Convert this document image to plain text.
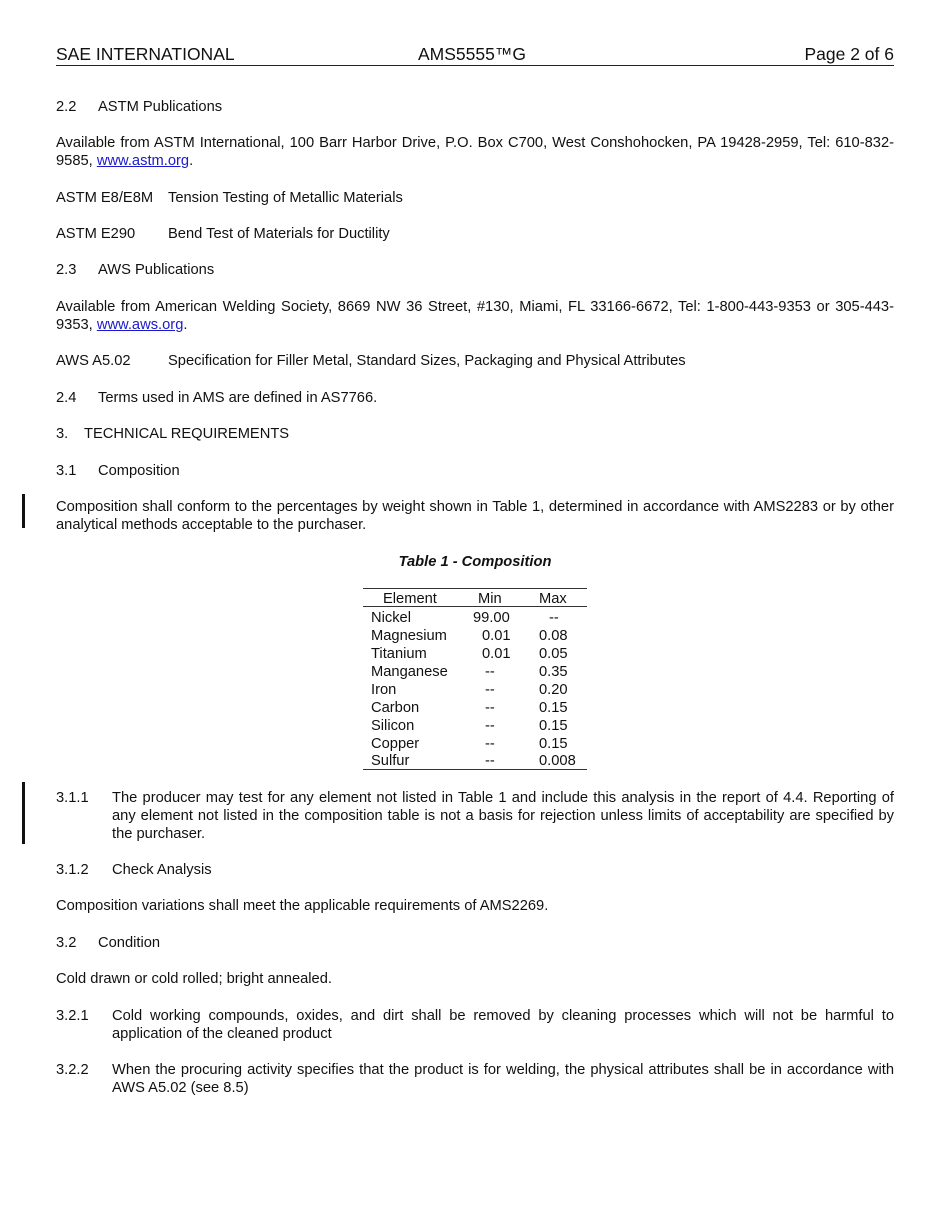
SAE INTERNATIONAL	AMS5555™G	Page 2 of 6
2.2 ASTM Publications
Available from ASTM International, 100 Barr Harbor Drive, P.O. Box C700, West Conshohocken, PA 19428-2959, Tel: 610-832-9585, www.astm.org.
ASTM E8/E8M Tension Testing of Metallic Materials
ASTM E290 Bend Test of Materials for Ductility
2.3 AWS Publications
Available from American Welding Society, 8669 NW 36 Street, #130, Miami, FL 33166-6672, Tel: 1-800-443-9353 or 305-443-9353, www.aws.org.
AWS A5.02	Specification for Filler Metal, Standard Sizes, Packaging and Physical Attributes
2.4 Terms used in AMS are defined in AS7766.
3. TECHNICAL REQUIREMENTS
3.1 Composition
Composition shall conform to the percentages by weight shown in Table 1, determined in accordance with AMS2283 or by other analytical methods acceptable to the purchaser.
Table 1 - Composition
Element	Min	Max
Nickel	99.00	--
Magnesium 0.01 0.08
Titanium	0.01 0.05
Manganese	--	0.35
Iron	--	0.20
Carbon	--	0.15
Silicon	--	0.15
Copper	--	0.15
Sulfur	--	0.008
3.1.1 The producer may test for any element not listed in Table 1 and include this analysis in the report of 4.4. Reporting of any element not listed in the composition table is not a basis for rejection unless limits of acceptability are specified by the purchaser.
3.1.2 Check Analysis
Composition variations shall meet the applicable requirements of AMS2269.
3.2 Condition
Cold drawn or cold rolled; bright annealed.
3.2.1 Cold working compounds, oxides, and dirt shall be removed by cleaning processes which will not be harmful to application of the cleaned product
3.2.2 When the procuring activity specifies that the product is for welding, the physical attributes shall be in accordance with AWS A5.02 (see 8.5)
